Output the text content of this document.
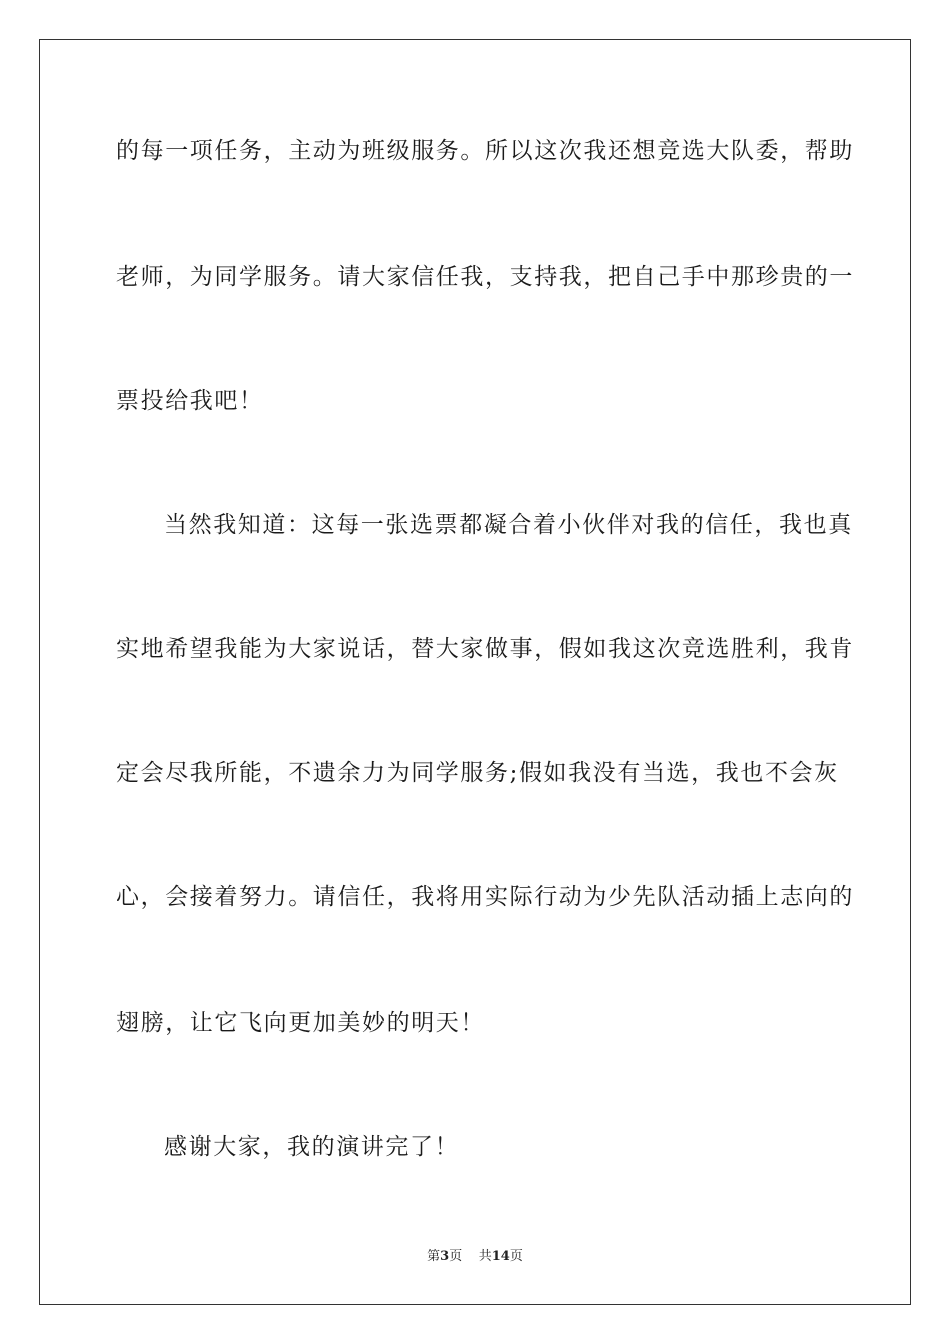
的每一项任务，主动为班级服务。所以这次我还想竞选大队委，帮助
老师，为同学服务。请大家信任我，支持我，把自己手中那珍贵的一
票投给我吧！
当然我知道：这每一张选票都凝合着小伙伴对我的信任，我也真
实地希望我能为大家说话，替大家做事，假如我这次竞选胜利，我肯
定会尽我所能，不遗余力为同学服务;假如我没有当选，我也不会灰
心，会接着努力。请信任，我将用实际行动为少先队活动插上志向的
翅膀，让它飞向更加美妙的明天！
感谢大家，我的演讲完了！
第3页 共14页
